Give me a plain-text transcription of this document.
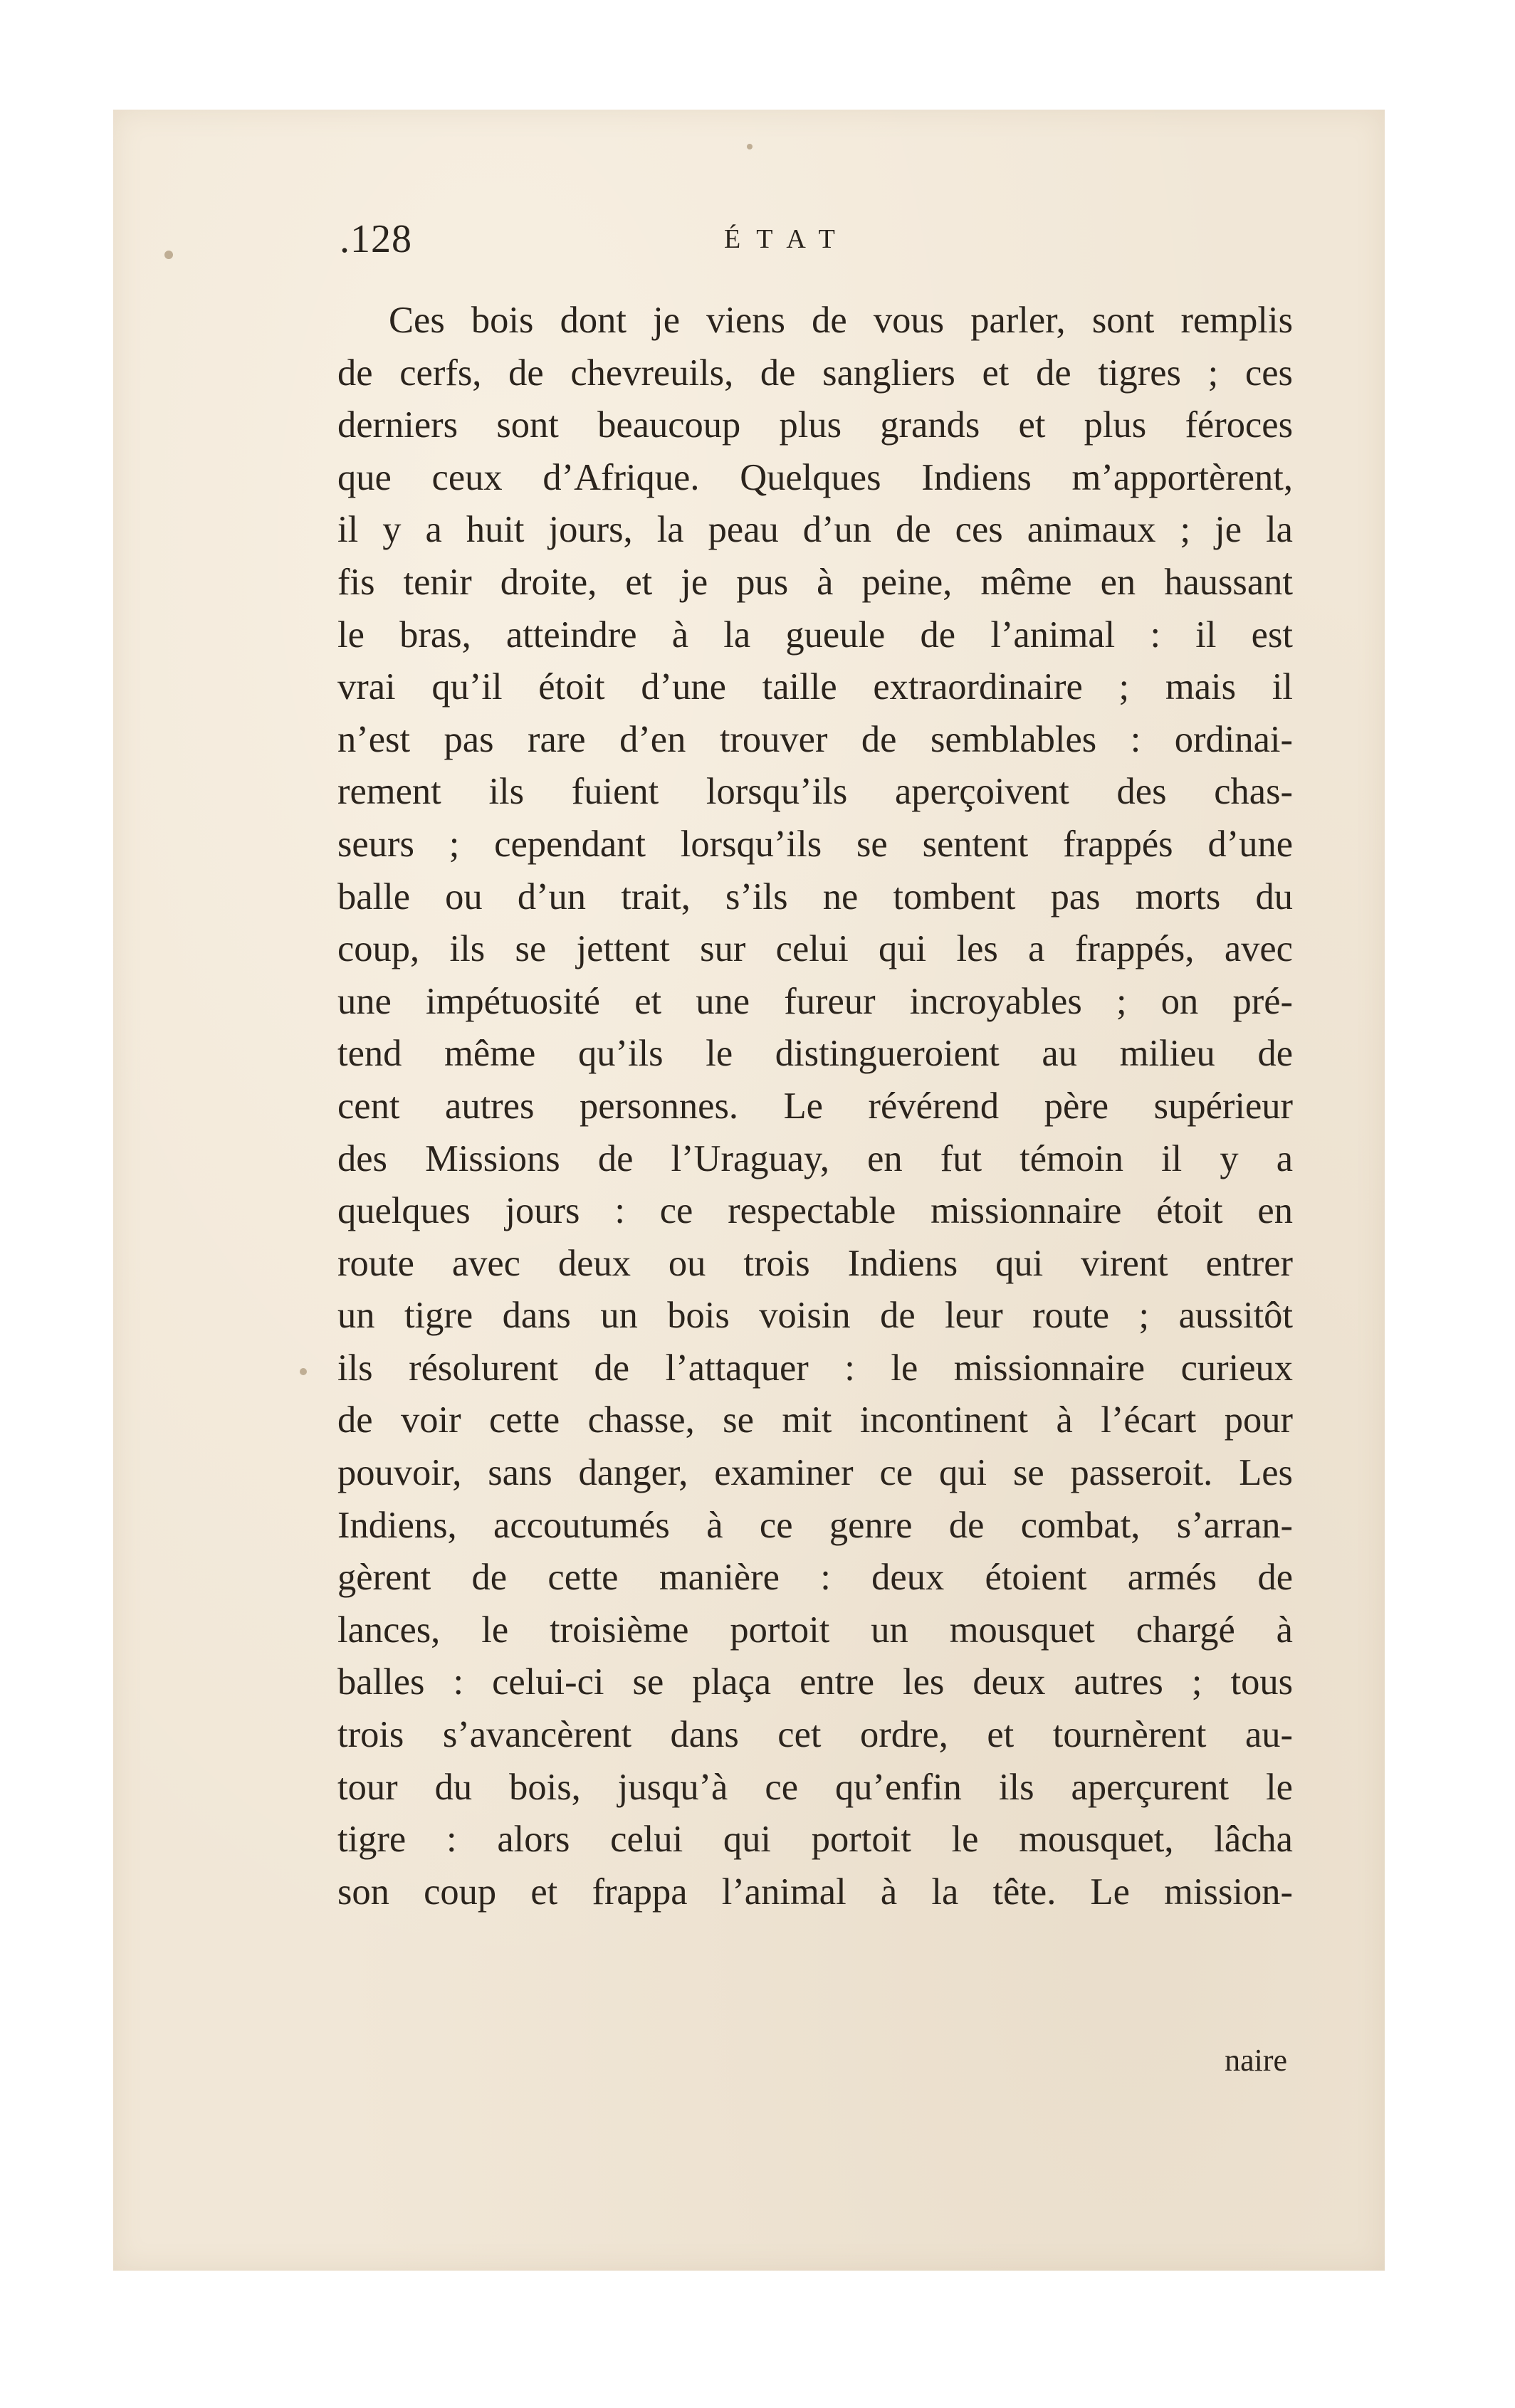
.128	ÉTAT
Ces bois dont je viens de vous parler, sont remplis
de cerfs, de chevreuils, de sangliers et de tigres ; ces
derniers sont beaucoup plus grands et plus féroces
que ceux d’Afrique. Quelques Indiens m’apportèrent,
il y a huit jours, la peau d’un de ces animaux ; je la
fis tenir droite, et je pus à peine, même en haussant
le bras, atteindre à la gueule de l’animal : il est
vrai qu’il étoit d’une taille extraordinaire ; mais il
n’est pas rare d’en trouver de semblables : ordinai-
rement ils fuient lorsqu’ils aperçoivent des chas-
seurs ; cependant lorsqu’ils se sentent frappés d’une
balle ou d’un trait, s’ils ne tombent pas morts du
coup, ils se jettent sur celui qui les a frappés, avec
une impétuosité et une fureur incroyables ; on pré-
tend même qu’ils le distingueroient au milieu de
cent autres personnes. Le révérend père supérieur
des Missions de l’Uraguay, en fut témoin il y a
quelques jours : ce respectable missionnaire étoit en
route avec deux ou trois Indiens qui virent entrer
un tigre dans un bois voisin de leur route ; aussitôt
ils résolurent de l’attaquer : le missionnaire curieux
de voir cette chasse, se mit incontinent à l’écart pour
pouvoir, sans danger, examiner ce qui se passeroit. Les
Indiens, accoutumés à ce genre de combat, s’arran-
gèrent de cette manière : deux étoient armés de
lances, le troisième portoit un mousquet chargé à
balles : celui-ci se plaça entre les deux autres ; tous
trois s’avancèrent dans cet ordre, et tournèrent au-
tour du bois, jusqu’à ce qu’enfin ils aperçurent le
tigre : alors celui qui portoit le mousquet, lâcha
son coup et frappa l’animal à la tête. Le mission-
naire
